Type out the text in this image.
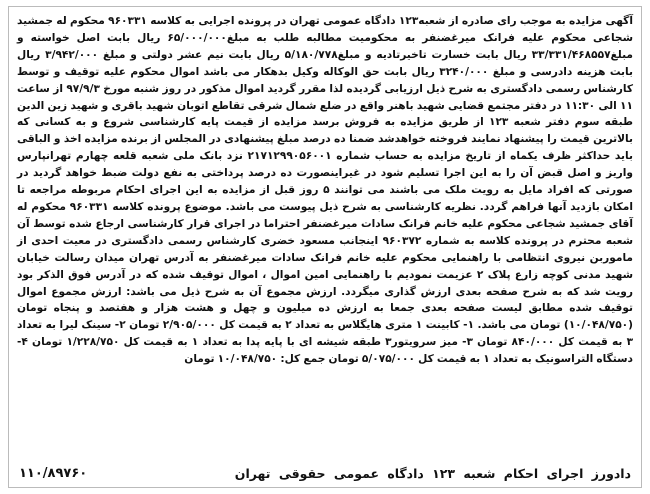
آگهی مزایده به موجب رای صادره از شعبه۱۲۳ دادگاه عمومی تهران در پرونده اجرایی به کلاسه ۹۶۰۳۳۱ محکوم له جمشید شجاعی محکوم علیه فرانک میرغضنفر به محکومیت مطالبه طلب به مبلغ۶۵/۰۰۰/۰۰۰ ریال بابت اصل خواسته و مبلغ۳۳/۳۳۱/۴۶۸۵۵۷ ریال بابت خسارت تاخیرتادیه و مبلغ۵/۱۸۰/۷۷۸ ریال بابت نیم عشر دولتی و مبلغ ۳/۹۴۲/۰۰۰ ریال بابت هزینه دادرسی و مبلغ ۳۲۴۰/۰۰۰ ریال بابت حق الوکاله وکیل بدهکار می باشد اموال محکوم علیه توقیف و توسط کارشناس رسمی دادگستری به شرح ذیل ارزیابی گردیده لذا مقرر گردید اموال مذکور در روز شنبه مورخ ۹۷/۹/۳ از ساعت ۱۱ الی ۱۱:۳۰ در دفتر مجتمع قضایی شهید باهنر واقع در ضلع شمال شرقی تقاطع اتوبان شهید باقری و شهید زین الدین طبقه سوم دفتر شعبه ۱۲۳ از طریق مزایده به فروش برسد مزایده از قیمت پایه کارشناسی شروع و به کسانی که بالاترین قیمت را پیشنهاد نمایند فروخته خواهدشد ضمنا ده درصد مبلغ پیشنهادی در المجلس از برنده مزایده اخذ و الباقی باید حداکثر ظرف یکماه از تاریخ مزایده به حساب شماره ۲۱۷۱۲۹۹۰۵۶۰۰۱ نزد بانک ملی شعبه قلعه چهارم تهرانپارس واریز و اصل قبض آن را به این اجرا تسلیم شود در غیراینصورت ده درصد پرداختی به نفع دولت ضبط خواهد گردید در صورتی که افراد مایل به رویت ملک می باشند می توانند ۵ روز قبل از مزایده به این اجرای احکام مربوطه مراجعه تا امکان بازدید آنها فراهم گردد. نظریه کارشناسی به شرح ذیل پیوست می باشد. موضوع پرونده کلاسه ۹۶۰۳۳۱ محکوم له آقای جمشید شجاعی محکوم علیه خانم فرانک سادات میرغضنفر احتراما در اجرای قرار کارشناسی ارجاع شده توسط آن شعبه محترم در پرونده کلاسه به شماره ۹۶۰۳۷۲ اینجانب مسعود خضری کارشناس رسمی دادگستری در معیت احدی از ماموربن نیروی انتظامی با راهنمایی محکوم علیه خانم فرانک سادات میرغضنفر به آدرس تهران میدان رسالت خیابان شهید مدنی کوچه زارع پلاک ۲ عزیمت نمودیم با راهنمایی امین اموال ، اموال توقیف شده که در آدرس فوق الذکر بود رویت شد که به شرح صفحه بعدی ارزش گذاری میگردد. ارزش مجموع آن به شرح ذیل می باشد: ارزش مجموع اموال توقیف شده مطابق لیست صفحه بعدی جمعا به ارزش ده میلیون و چهل و هشت هزار و هفتصد و پنجاه تومان (۱۰/۰۴۸/۷۵۰) تومان می باشد. ۱- کابینت ۱ متری هایگلاس به تعداد ۲ به قیمت کل ۲/۹۰۵/۰۰۰ تومان ۲- سینک لیرا به تعداد ۳ به قیمت کل ۸۴۰/۰۰۰ تومان ۳- میز سرویتور۳ طبقه شیشه ای با پایه پدا به تعداد ۱ به قیمت کل ۱/۲۲۸/۷۵۰ تومان ۴- دستگاه التراسونیک به تعداد ۱ به قیمت کل ۵/۰۷۵/۰۰۰ تومان جمع کل: ۱۰/۰۴۸/۷۵۰ تومان

دادورز اجرای احکام شعبه ۱۲۳ دادگاه عمومی حقوقی تهران
۱۱۰/۸۹۷۶۰
